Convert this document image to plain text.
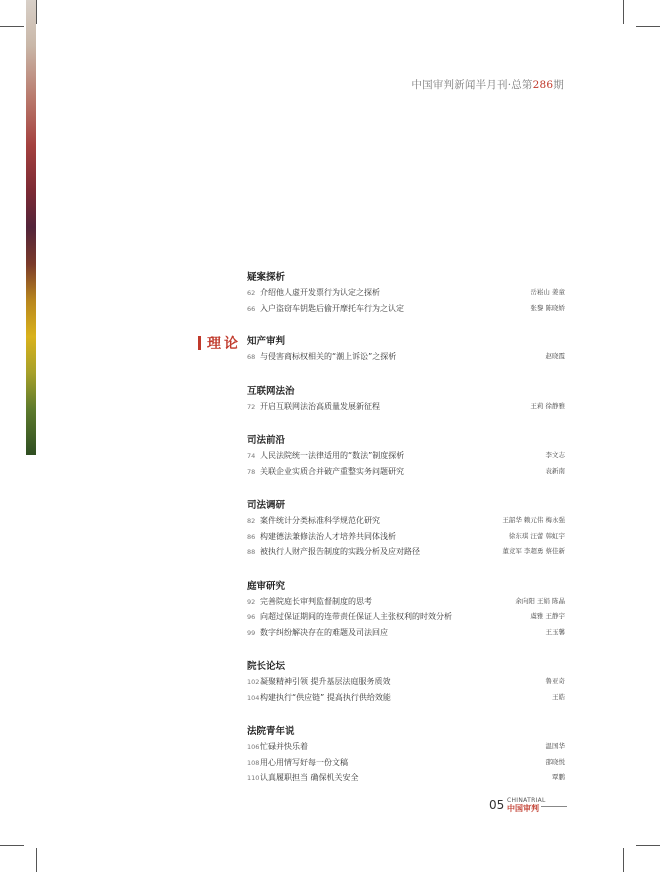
中国审判新闻半月刊·总第286期
理论
疑案探析
62 介绍他人虚开发票行为认定之探析	岳崧山 姜童
66 入户盗窃车钥匙后偷开摩托车行为之认定	张黎 陈晓娇
知产审判
68 与侵害商标权相关的“潮上诉讼”之探析	赵晓霞
互联网法治
72 开启互联网法治高质量发展新征程	王莉 徐静雅
司法前沿
74 人民法院统一法律适用的“数法”制度探析	李文志
78 关联企业实质合并破产重整实务问题研究	袁新南
司法调研
82 案件统计分类标准科学规范化研究	王韶华 赖元伟 梅永强
86 构建德法兼修法治人才培养共同体浅析	徐东琪 汪蕾 韩虹宇
88 被执行人财产报告制度的实践分析及应对路径	董竞军 李超勇 蔡佳新
庭审研究
92 完善院庭长审判监督制度的思考	余向阳 王娟 陈晶
96 向超过保证期间的连带责任保证人主张权利的时效分析	虞雅 王静宇
99 数字纠纷解决存在的难题及司法回应	王玉馨
院长论坛
102凝聚精神引领 提升基层法庭服务质效	鲁亚奇
104构建执行“供应链” 提高执行供给效能	王皓
法院青年说
106忙碌并快乐着	温国华
108用心用情写好每一份文稿	邵晓悦
110认真履职担当 确保机关安全	覃鹏
05 CHINATRIAL
中国审判
